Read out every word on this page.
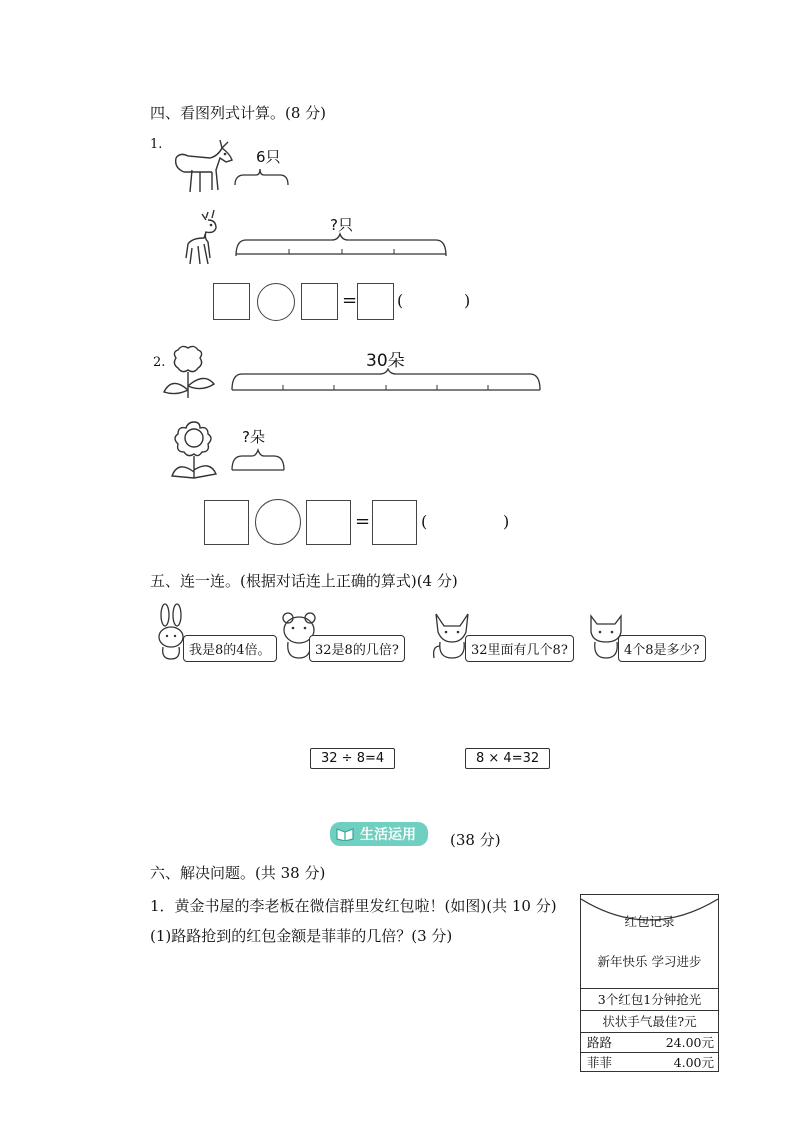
四、看图列式计算。(8 分)
1.
6只
?只
= (	)
2.	30朵
?朵
=	(	)
五、连一连。(根据对话连上正确的算式)(4 分)
我是8的4倍。	32是8的几倍?	32里面有几个8?	4个8是多少?
32 ÷ 8=4	8 × 4=32
生活运用	(38 分)
六、解决问题。(共 38 分)
1．黄金书屋的李老板在微信群里发红包啦！(如图)(共 10 分)
(1)路路抢到的红包金额是菲菲的几倍？(3 分)
红包记录
新年快乐 学习进步
3个红包1分钟抢光
状状手气最佳?元
路路	24.00元
菲菲	4.00元
